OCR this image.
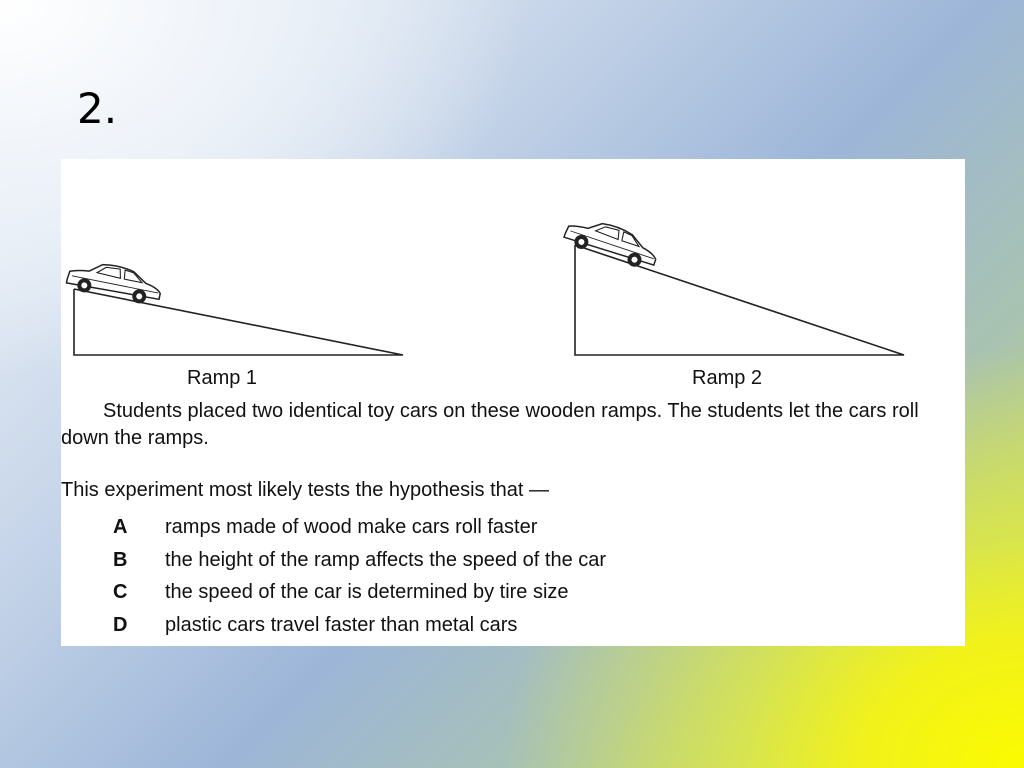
2.
Ramp 1	Ramp 2

Students placed two identical toy cars on these wooden ramps. The students let the cars roll down the ramps.

This experiment most likely tests the hypothesis that —

A	ramps made of wood make cars roll faster
B	the height of the ramp affects the speed of the car
C	the speed of the car is determined by tire size
D	plastic cars travel faster than metal cars
